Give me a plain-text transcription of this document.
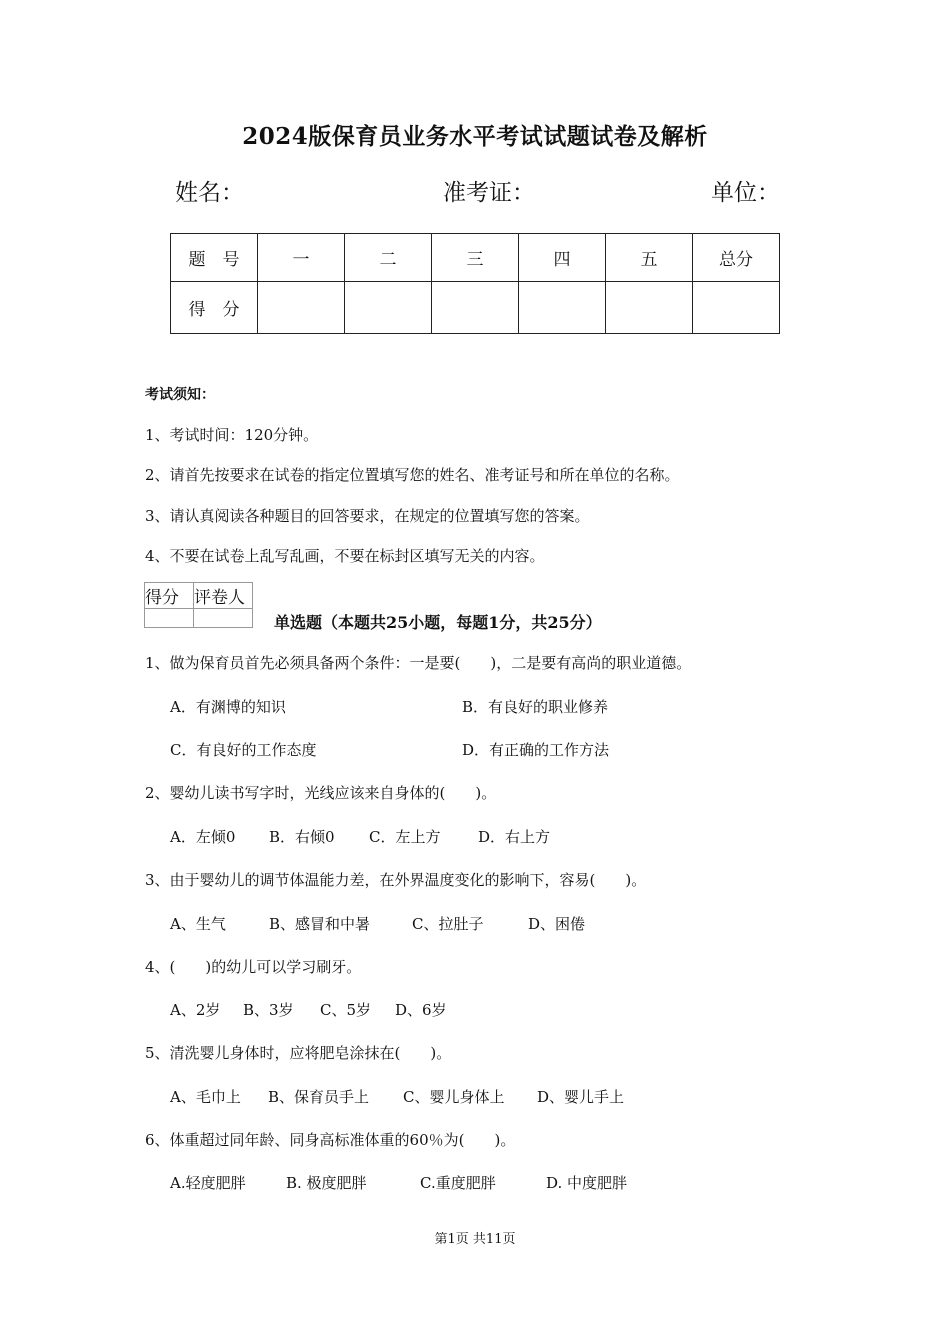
2024版保育员业务水平考试试题试卷及解析
姓名：	准考证：	单位：
题　号	一	二	三	四	五	总分
得　分						
考试须知：
1、考试时间：120分钟。
2、请首先按要求在试卷的指定位置填写您的姓名、准考证号和所在单位的名称。
3、请认真阅读各种题目的回答要求，在规定的位置填写您的答案。
4、不要在试卷上乱写乱画，不要在标封区填写无关的内容。
得分	评卷人

单选题（本题共25小题，每题1分，共25分）
1、做为保育员首先必须具备两个条件：一是要(　　)，二是要有高尚的职业道德。
A．有渊博的知识	B．有良好的职业修养
C．有良好的工作态度	D．有正确的工作方法
2、婴幼儿读书写字时，光线应该来自身体的(　　)。
A．左倾0 B．右倾0 C．左上方	D．右上方
3、由于婴幼儿的调节体温能力差，在外界温度变化的影响下，容易(　　)。
A、生气	B、感冒和中暑	C、拉肚子	D、困倦
4、(　　)的幼儿可以学习刷牙。
A、2岁 B、3岁 C、5岁 D、6岁
5、清洗婴儿身体时，应将肥皂涂抹在(　　)。
A、毛巾上 B、保育员手上 C、婴儿身体上 D、婴儿手上
6、体重超过同年龄、同身高标准体重的60％为(　　)。
A.轻度肥胖	B. 极度肥胖	C.重度肥胖	D. 中度肥胖
第1页 共11页
